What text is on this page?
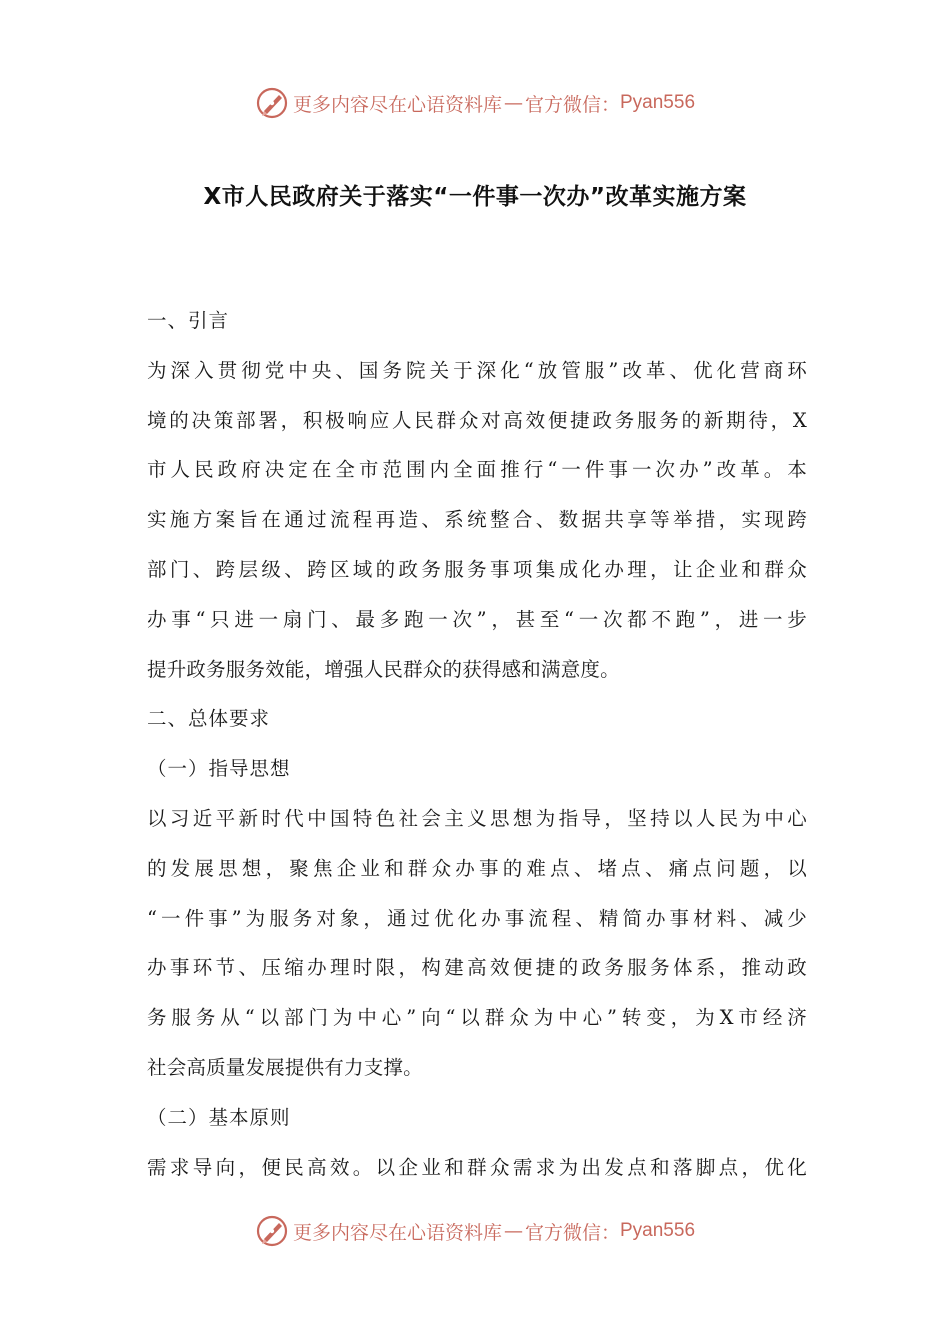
更多内容尽在心语资料库 — 官方微信： Pyan556
X市人民政府关于落实“一件事一次办”改革实施方案
一、引言
为深入贯彻党中央、国务院关于深化“放管服”改革、优化营商环
境的决策部署，积极响应人民群众对高效便捷政务服务的新期待，X
市人民政府决定在全市范围内全面推行“一件事一次办”改革。本
实施方案旨在通过流程再造、系统整合、数据共享等举措，实现跨
部门、跨层级、跨区域的政务服务事项集成化办理，让企业和群众
办事“只进一扇门、最多跑一次”，甚至“一次都不跑”，进一步
提升政务服务效能，增强人民群众的获得感和满意度。
二、总体要求
（一）指导思想
以习近平新时代中国特色社会主义思想为指导，坚持以人民为中心
的发展思想，聚焦企业和群众办事的难点、堵点、痛点问题，以
“一件事”为服务对象，通过优化办事流程、精简办事材料、减少
办事环节、压缩办理时限，构建高效便捷的政务服务体系，推动政
务服务从“以部门为中心”向“以群众为中心”转变，为X市经济
社会高质量发展提供有力支撑。
（二）基本原则
需求导向，便民高效。以企业和群众需求为出发点和落脚点，优化
更多内容尽在心语资料库 — 官方微信： Pyan556
